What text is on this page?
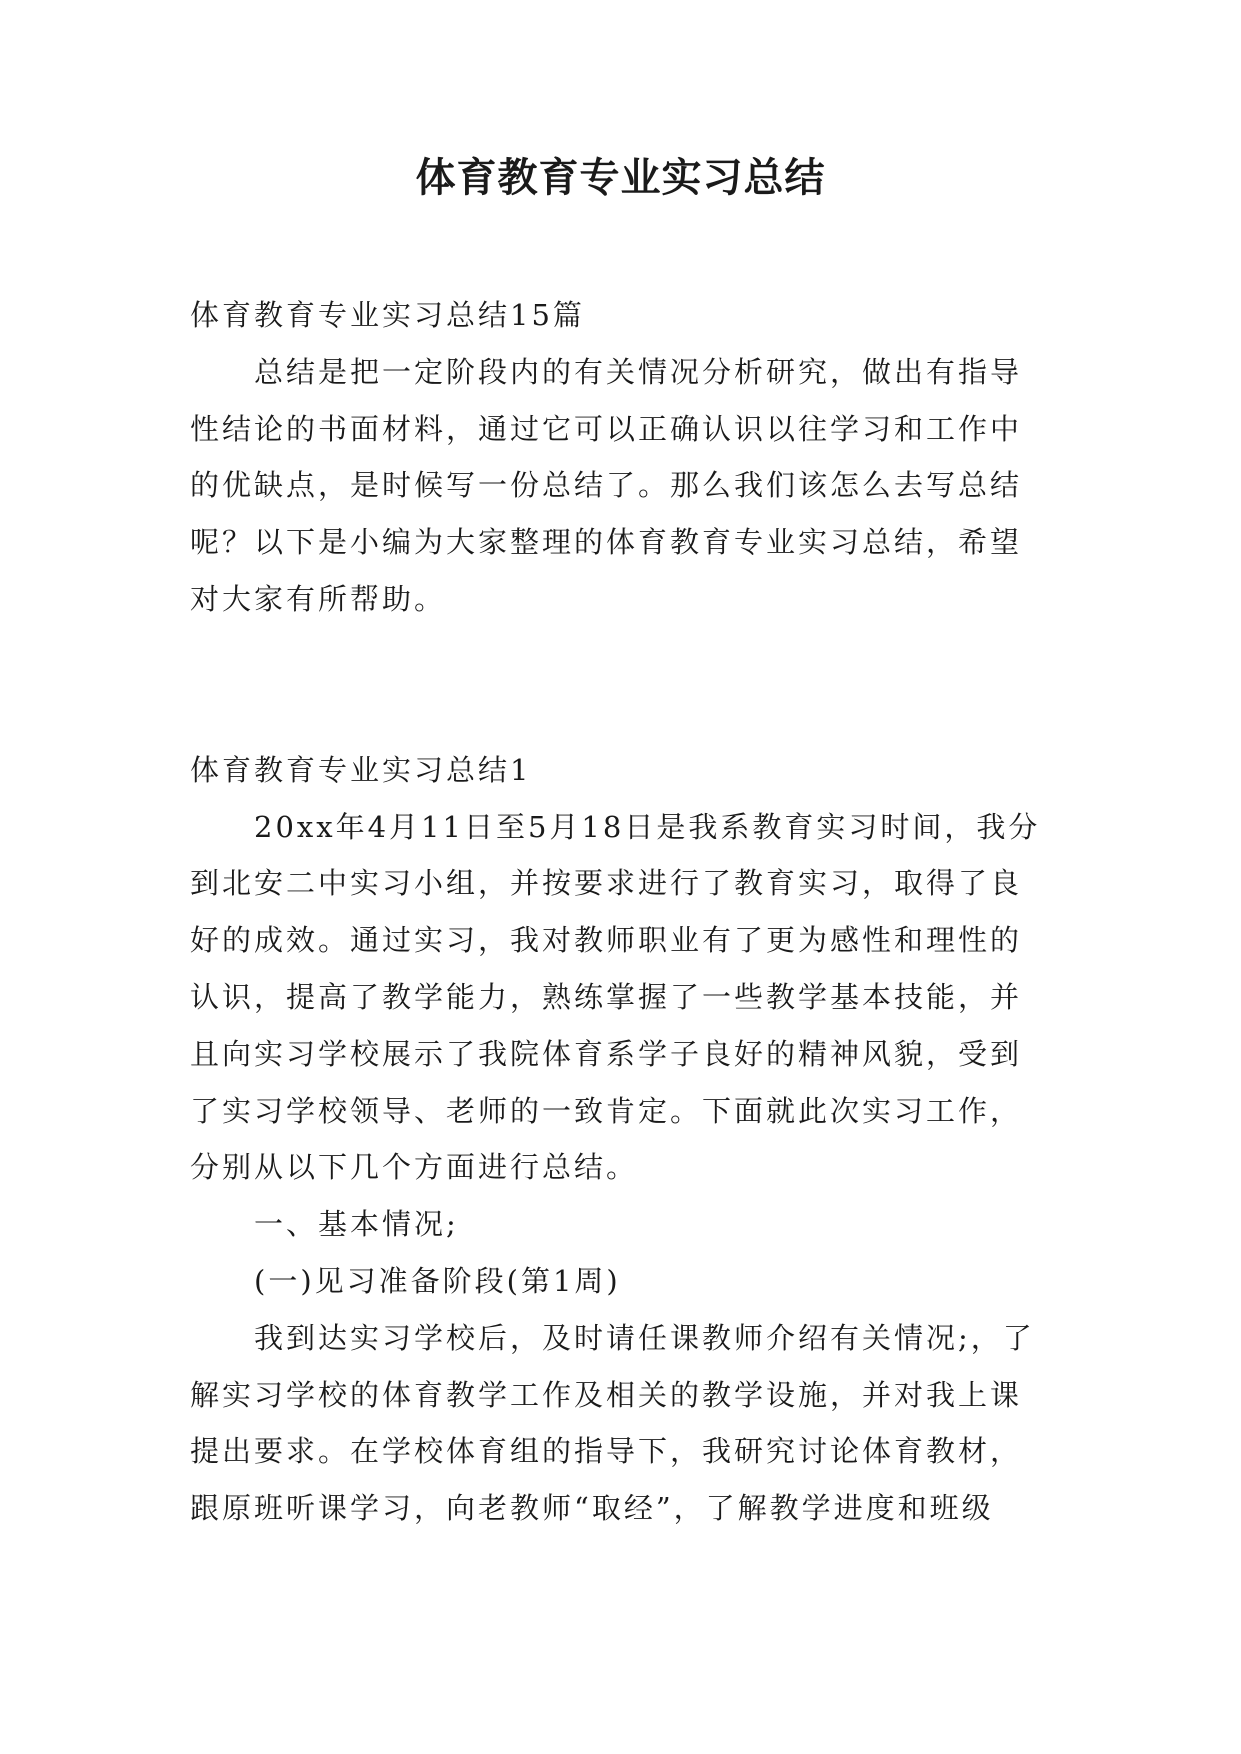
体育教育专业实习总结

体育教育专业实习总结15篇

总结是把一定阶段内的有关情况分析研究，做出有指导性结论的书面材料，通过它可以正确认识以往学习和工作中的优缺点，是时候写一份总结了。那么我们该怎么去写总结呢？以下是小编为大家整理的体育教育专业实习总结，希望对大家有所帮助。

体育教育专业实习总结1

20xx年4月11日至5月18日是我系教育实习时间，我分到北安二中实习小组，并按要求进行了教育实习，取得了良好的成效。通过实习，我对教师职业有了更为感性和理性的认识，提高了教学能力，熟练掌握了一些教学基本技能，并且向实习学校展示了我院体育系学子良好的精神风貌，受到了实习学校领导、老师的一致肯定。下面就此次实习工作，分别从以下几个方面进行总结。

一、基本情况;

(一)见习准备阶段(第1周)

我到达实习学校后，及时请任课教师介绍有关情况;，了解实习学校的体育教学工作及相关的教学设施，并对我上课提出要求。在学校体育组的指导下，我研究讨论体育教材，跟原班听课学习，向老教师“取经”，了解教学进度和班级
